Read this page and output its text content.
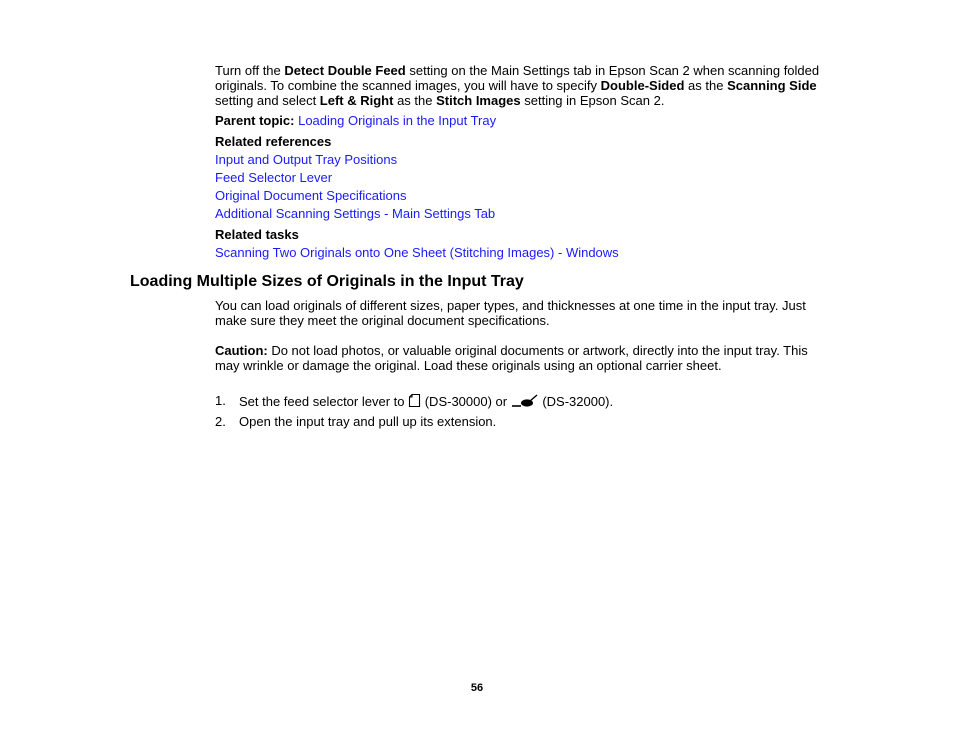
Turn off the Detect Double Feed setting on the Main Settings tab in Epson Scan 2 when scanning folded originals. To combine the scanned images, you will have to specify Double-Sided as the Scanning Side setting and select Left & Right as the Stitch Images setting in Epson Scan 2.
Parent topic: Loading Originals in the Input Tray
Related references
Input and Output Tray Positions
Feed Selector Lever
Original Document Specifications
Additional Scanning Settings - Main Settings Tab
Related tasks
Scanning Two Originals onto One Sheet (Stitching Images) - Windows
Loading Multiple Sizes of Originals in the Input Tray
You can load originals of different sizes, paper types, and thicknesses at one time in the input tray. Just make sure they meet the original document specifications.
Caution: Do not load photos, or valuable original documents or artwork, directly into the input tray. This may wrinkle or damage the original. Load these originals using an optional carrier sheet.
1. Set the feed selector lever to  (DS-30000) or  (DS-32000).
2. Open the input tray and pull up its extension.
56
